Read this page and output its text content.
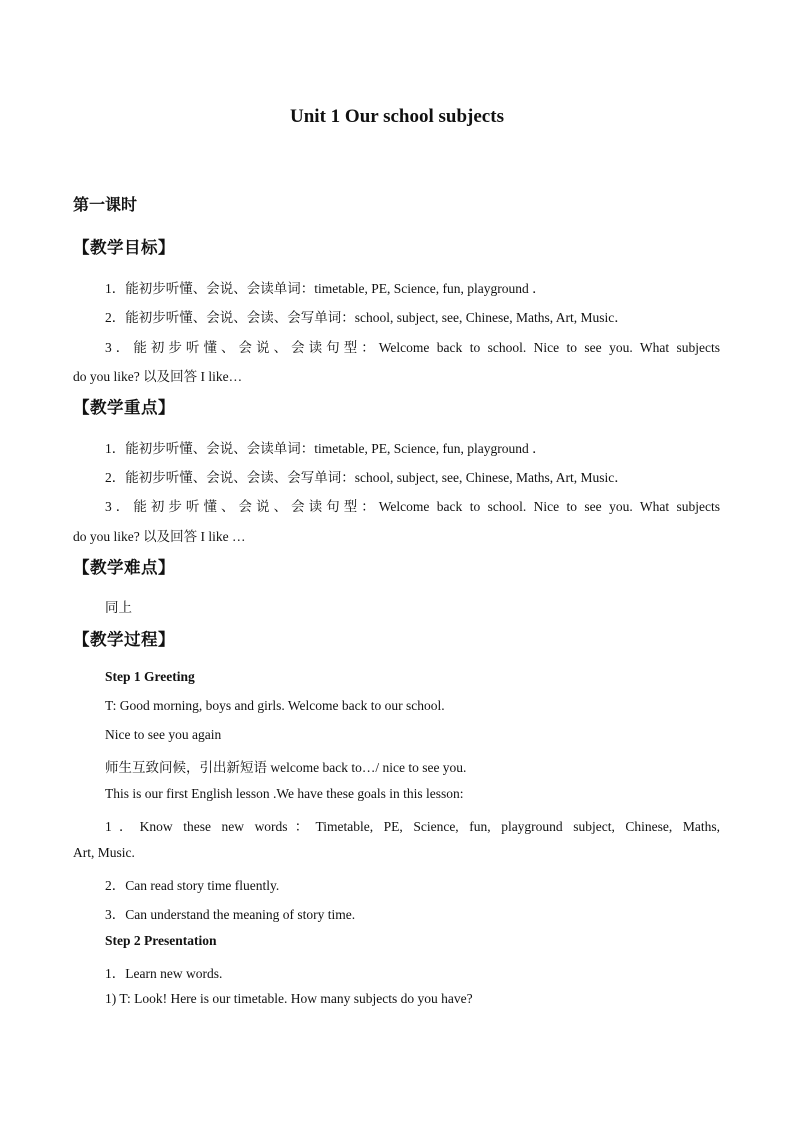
Unit 1 Our school subjects
第一课时
【教学目标】
1．能初步听懂、会说、会读单词：timetable, PE, Science, fun, playground ．
2．能初步听懂、会说、会读、会写单词：school, subject, see, Chinese, Maths, Art, Music．
3．能初步听懂、会说、会读句型：Welcome back to school. Nice to see you. What subjects
do you like? 以及回答 I like…
【教学重点】
1．能初步听懂、会说、会读单词：timetable, PE, Science, fun, playground ．
2．能初步听懂、会说、会读、会写单词：school, subject, see, Chinese, Maths, Art, Music．
3．能初步听懂、会说、会读句型：Welcome back to school. Nice to see you. What subjects
do you like? 以及回答 I like …
【教学难点】
同上
【教学过程】
Step 1 Greeting
T: Good morning, boys and girls. Welcome back to our school.
Nice to see you again
师生互致问候，引出新短语 welcome back to…/ nice to see you.
This is our first English lesson .We have these goals in this lesson:
1．Know these new words：Timetable, PE, Science, fun, playground subject, Chinese, Maths,
Art, Music.
2．Can read story time fluently.
3．Can understand the meaning of story time.
Step 2 Presentation
1．Learn new words.
1) T: Look! Here is our timetable. How many subjects do you have?
